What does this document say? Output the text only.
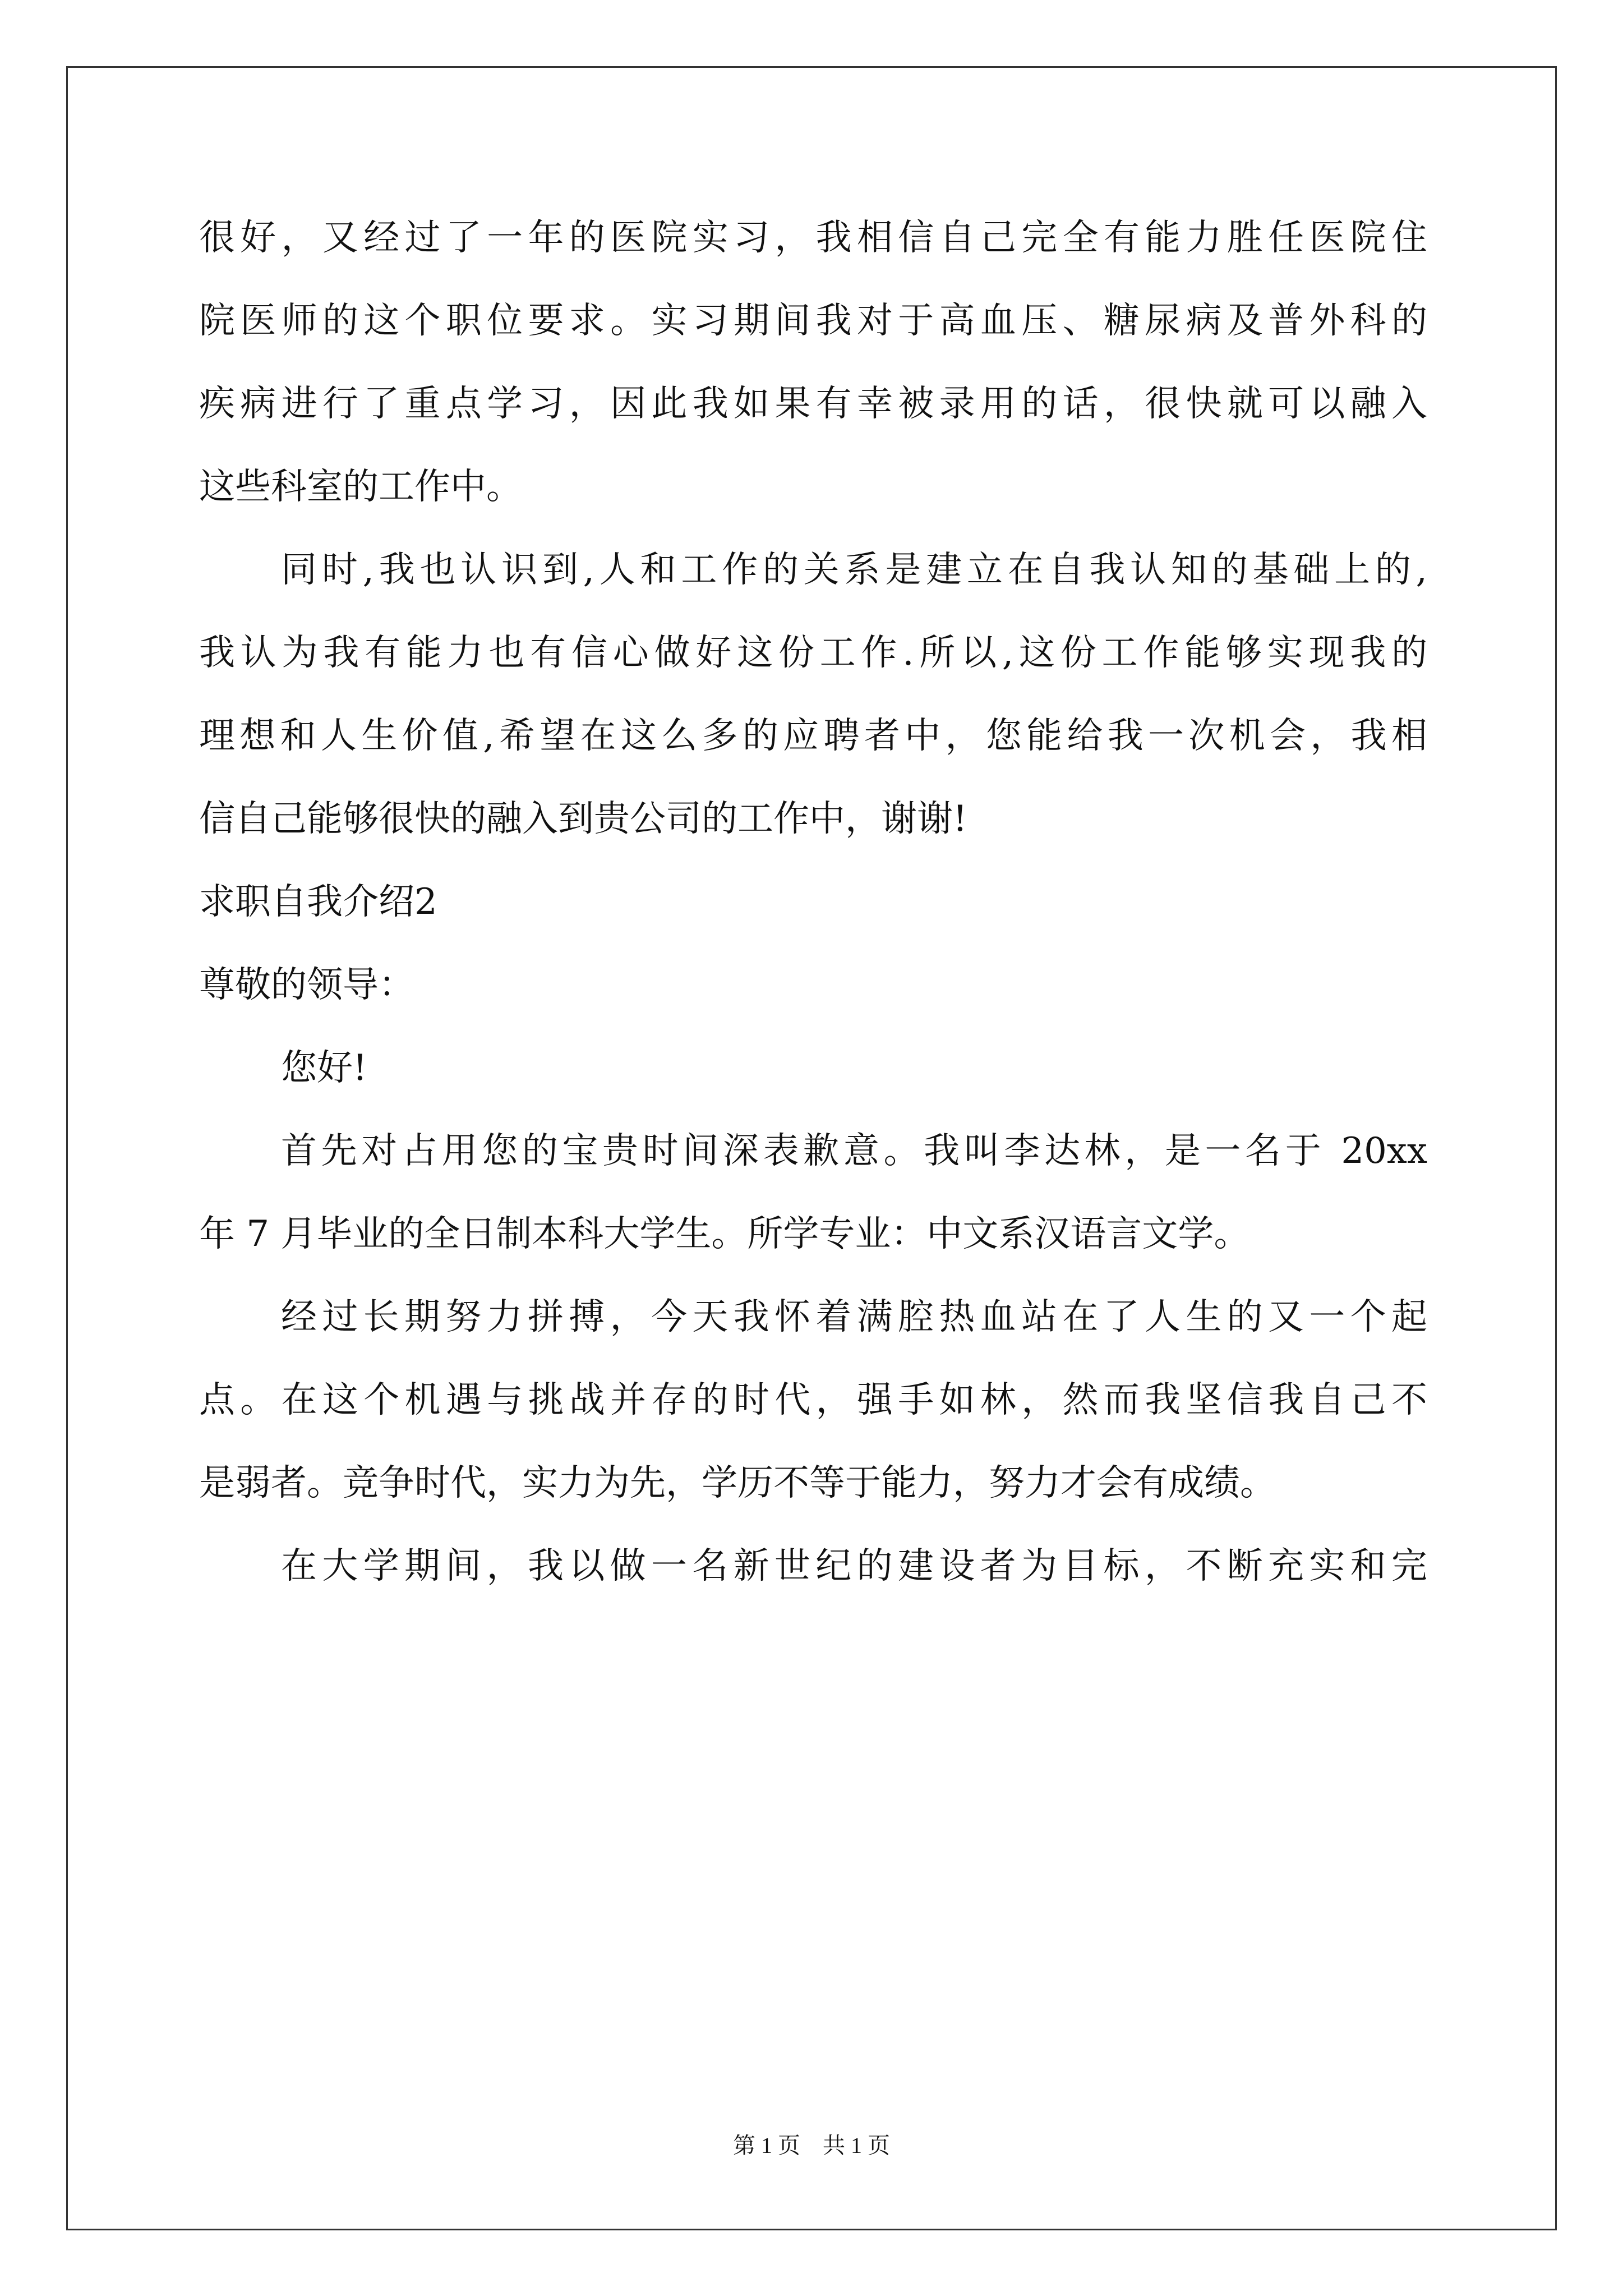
很好，又经过了一年的医院实习，我相信自己完全有能力胜任医院住
院医师的这个职位要求。实习期间我对于高血压、糖尿病及普外科的
疾病进行了重点学习，因此我如果有幸被录用的话，很快就可以融入
这些科室的工作中。
同时,我也认识到,人和工作的关系是建立在自我认知的基础上的,
我认为我有能力也有信心做好这份工作.所以,这份工作能够实现我的
理想和人生价值,希望在这么多的应聘者中，您能给我一次机会，我相
信自己能够很快的融入到贵公司的工作中，谢谢!
求职自我介绍2
尊敬的领导：
您好!
首先对占用您的宝贵时间深表歉意。我叫李达林，是一名于 20xx
年 7 月毕业的全日制本科大学生。所学专业：中文系汉语言文学。
经过长期努力拼搏，今天我怀着满腔热血站在了人生的又一个起
点。在这个机遇与挑战并存的时代，强手如林，然而我坚信我自己不
是弱者。竞争时代，实力为先，学历不等于能力，努力才会有成绩。
在大学期间，我以做一名新世纪的建设者为目标，不断充实和完
第 1 页　共 1 页
